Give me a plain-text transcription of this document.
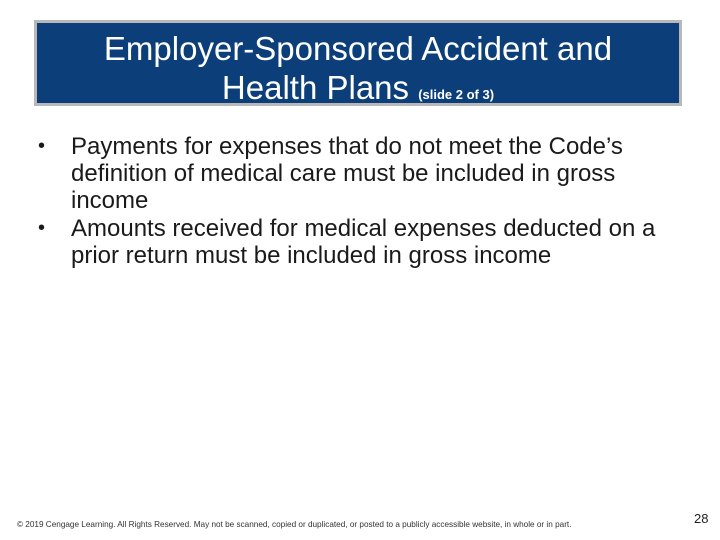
Employer-Sponsored Accident and
Health Plans (slide 2 of 3)
• Payments for expenses that do not meet the Code’s definition of medical care must be included in gross income
• Amounts received for medical expenses deducted on a prior return must be included in gross income
© 2019 Cengage Learning. All Rights Reserved. May not be scanned, copied or duplicated, or posted to a publicly accessible website, in whole or in part.	28
